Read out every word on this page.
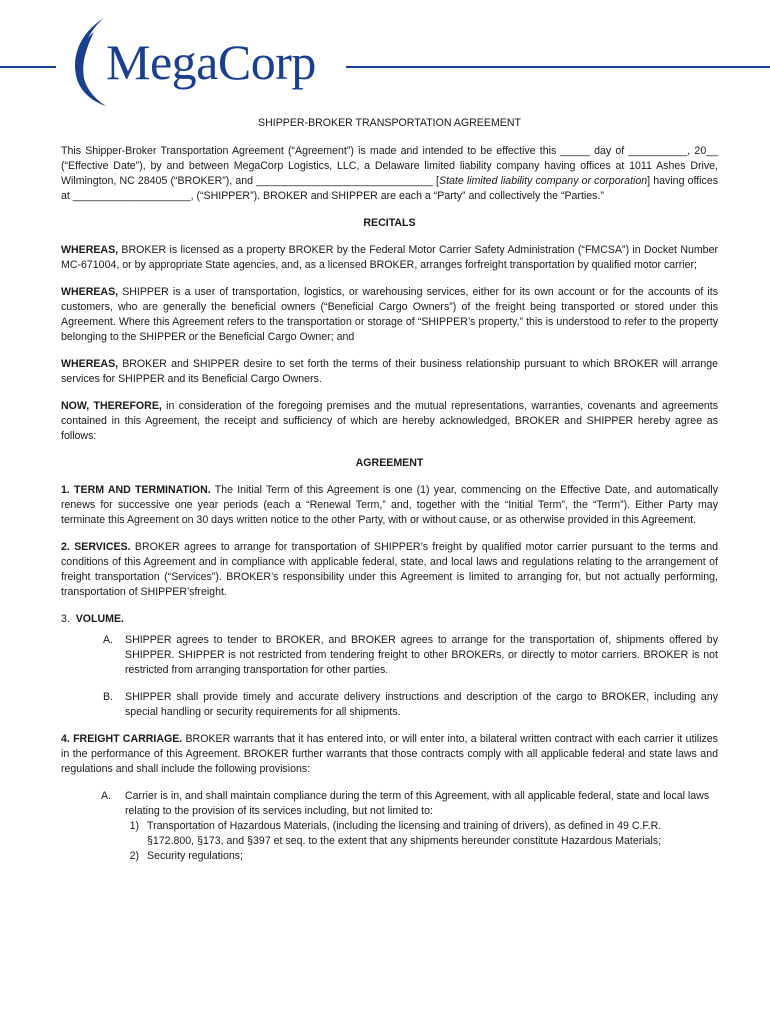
MegaCorp
SHIPPER-BROKER TRANSPORTATION AGREEMENT

This Shipper-Broker Transportation Agreement (“Agreement”) is made and intended to be effective this _____ day of __________, 20__ (“Effective Date”), by and between MegaCorp Logistics, LLC, a Delaware limited liability company having offices at 1011 Ashes Drive, Wilmington, NC 28405 (“BROKER”), and ______________________________ [State limited liability company or corporation] having offices at ____________________, (“SHIPPER”). BROKER and SHIPPER are each a “Party” and collectively the “Parties.”

RECITALS

WHEREAS, BROKER is licensed as a property BROKER by the Federal Motor Carrier Safety Administration (“FMCSA”) in Docket Number MC-671004, or by appropriate State agencies, and, as a licensed BROKER, arranges forfreight transportation by qualified motor carrier;

WHEREAS, SHIPPER is a user of transportation, logistics, or warehousing services, either for its own account or for the accounts of its customers, who are generally the beneficial owners (“Beneficial Cargo Owners”) of the freight being transported or stored under this Agreement. Where this Agreement refers to the transportation or storage of “SHIPPER’s property,” this is understood to refer to the property belonging to the SHIPPER or the Beneficial Cargo Owner; and

WHEREAS, BROKER and SHIPPER desire to set forth the terms of their business relationship pursuant to which BROKER will arrange services for SHIPPER and its Beneficial Cargo Owners.

NOW, THEREFORE, in consideration of the foregoing premises and the mutual representations, warranties, covenants and agreements contained in this Agreement, the receipt and sufficiency of which are hereby acknowledged, BROKER and SHIPPER hereby agree as follows:

AGREEMENT

1. TERM AND TERMINATION. The Initial Term of this Agreement is one (1) year, commencing on the Effective Date, and automatically renews for successive one year periods (each a “Renewal Term,” and, together with the “Initial Term”, the “Term”). Either Party may terminate this Agreement on 30 days written notice to the other Party, with or without cause, or as otherwise provided in this Agreement.

2. SERVICES. BROKER agrees to arrange for transportation of SHIPPER’s freight by qualified motor carrier pursuant to the terms and conditions of this Agreement and in compliance with applicable federal, state, and local laws and regulations relating to the arrangement of freight transportation (“Services”). BROKER’s responsibility under this Agreement is limited to arranging for, but not actually performing, transportation of SHIPPER’sfreight.

3. VOLUME.
A.	SHIPPER agrees to tender to BROKER, and BROKER agrees to arrange for the transportation of, shipments offered by SHIPPER. SHIPPER is not restricted from tendering freight to other BROKERs, or directly to motor carriers. BROKER is not restricted from arranging transportation for other parties.
B.	SHIPPER shall provide timely and accurate delivery instructions and description of the cargo to BROKER, including any special handling or security requirements for all shipments.

4. FREIGHT CARRIAGE. BROKER warrants that it has entered into, or will enter into, a bilateral written contract with each carrier it utilizes in the performance of this Agreement. BROKER further warrants that those contracts comply with all applicable federal and state laws and regulations and shall include the following provisions:

A.	Carrier is in, and shall maintain compliance during the term of this Agreement, with all applicable federal, state and local laws relating to the provision of its services including, but not limited to:
1) Transportation of Hazardous Materials, (including the licensing and training of drivers), as defined in 49 C.F.R. §172.800, §173, and §397 et seq. to the extent that any shipments hereunder constitute Hazardous Materials;
2) Security regulations;
